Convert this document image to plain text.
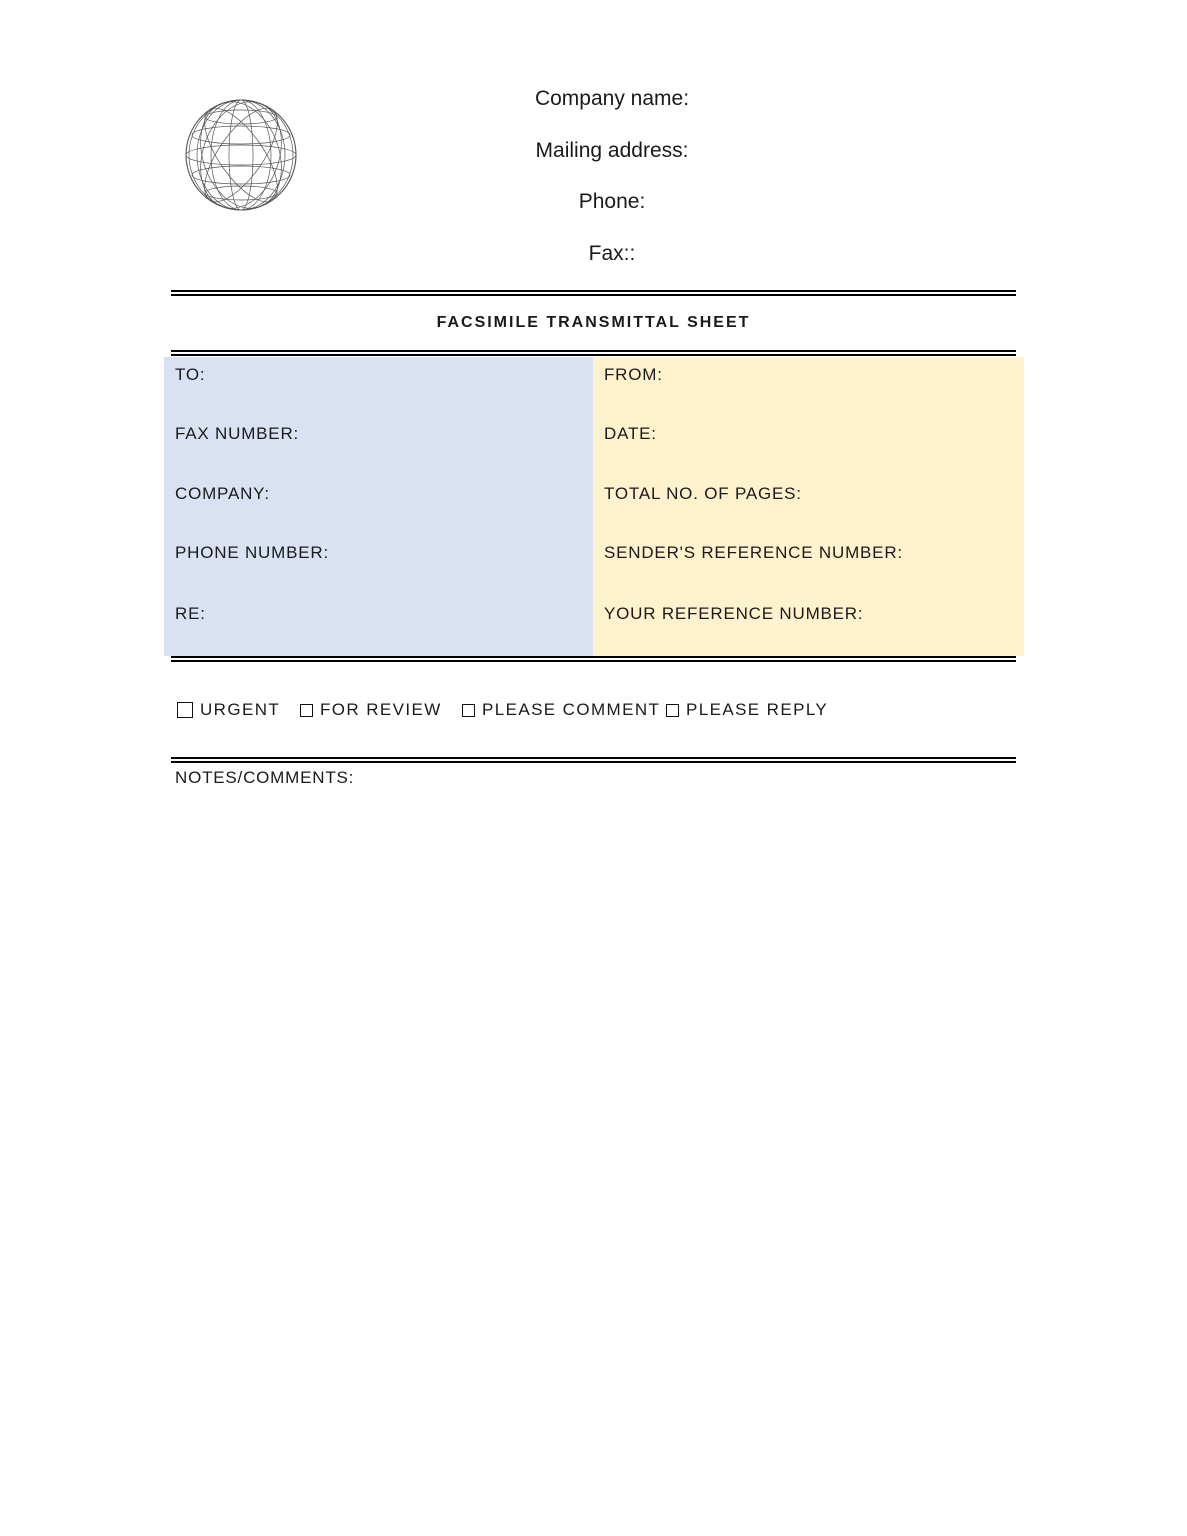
Company name:
Mailing address:
Phone:
Fax::
FACSIMILE TRANSMITTAL SHEET
TO:
FAX NUMBER:
COMPANY:
PHONE NUMBER:
RE:
FROM:
DATE:
TOTAL NO. OF PAGES:
SENDER'S REFERENCE NUMBER:
YOUR REFERENCE NUMBER:
URGENT FOR REVIEW PLEASE COMMENT PLEASE REPLY
NOTES/COMMENTS:
